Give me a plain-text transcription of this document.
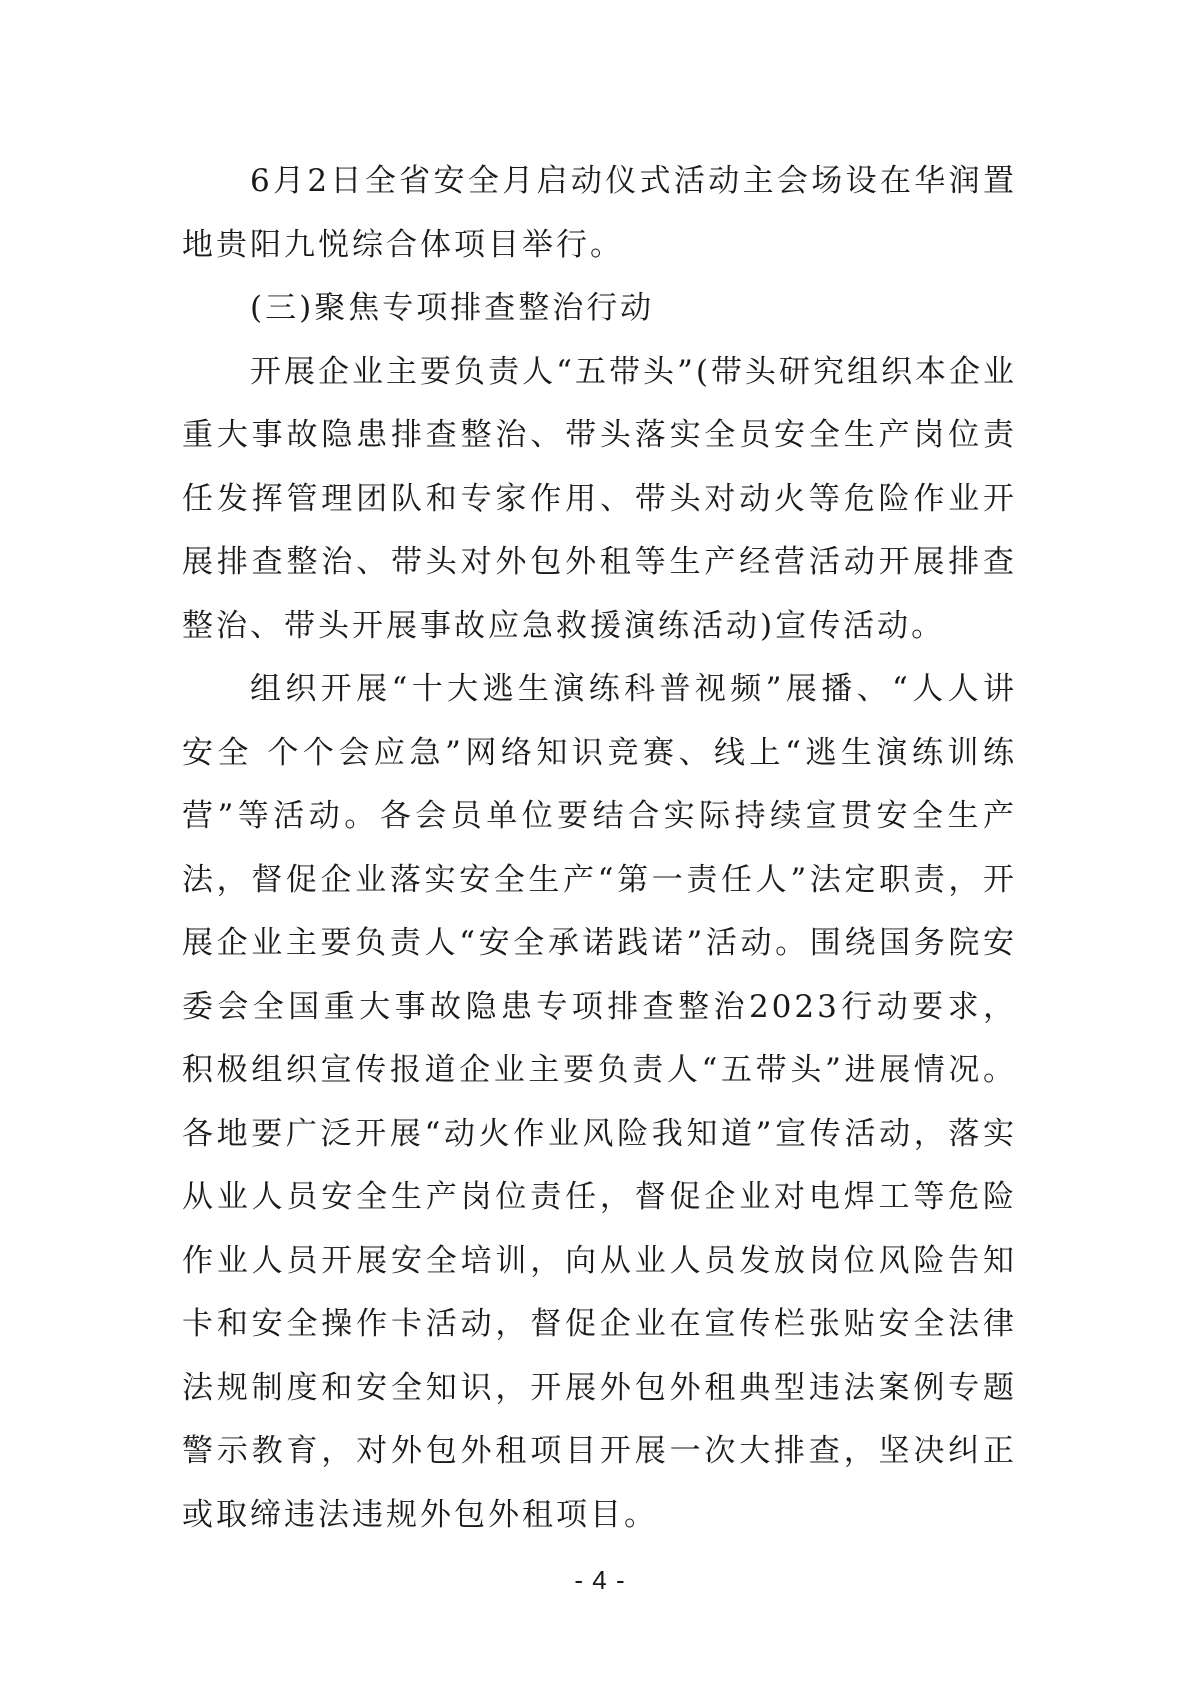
6月2日全省安全月启动仪式活动主会场设在华润置地贵阳九悦综合体项目举行。

(三)聚焦专项排查整治行动

开展企业主要负责人“五带头”(带头研究组织本企业重大事故隐患排查整治、带头落实全员安全生产岗位责任发挥管理团队和专家作用、带头对动火等危险作业开展排查整治、带头对外包外租等生产经营活动开展排查整治、带头开展事故应急救援演练活动)宣传活动。

组织开展“十大逃生演练科普视频”展播、“人人讲安全 个个会应急”网络知识竞赛、线上“逃生演练训练营”等活动。各会员单位要结合实际持续宣贯安全生产法，督促企业落实安全生产“第一责任人”法定职责，开展企业主要负责人“安全承诺践诺”活动。围绕国务院安委会全国重大事故隐患专项排查整治2023行动要求，积极组织宣传报道企业主要负责人“五带头”进展情况。各地要广泛开展“动火作业风险我知道”宣传活动，落实从业人员安全生产岗位责任，督促企业对电焊工等危险作业人员开展安全培训，向从业人员发放岗位风险告知卡和安全操作卡活动，督促企业在宣传栏张贴安全法律法规制度和安全知识，开展外包外租典型违法案例专题警示教育，对外包外租项目开展一次大排查，坚决纠正或取缔违法违规外包外租项目。

- 4 -
